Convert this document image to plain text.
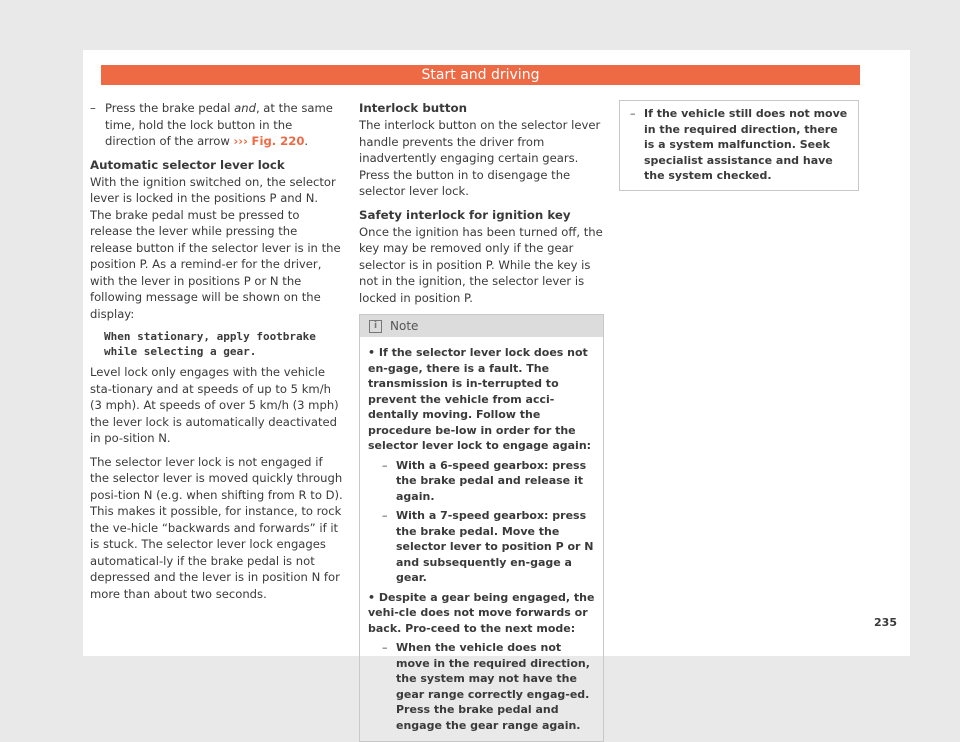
Start and driving

– Press the brake pedal and, at the same time, hold the lock button in the direction of the arrow ››› Fig. 220.

Automatic selector lever lock

With the ignition switched on, the selector lever is locked in the positions P and N. The brake pedal must be pressed to release the lever while pressing the release button if the selector lever is in the position P. As a remind-er for the driver, with the lever in positions P or N the following message will be shown on the display:

When stationary, apply footbrake
while selecting a gear.

Level lock only engages with the vehicle sta-tionary and at speeds of up to 5 km/h (3 mph). At speeds of over 5 km/h (3 mph) the lever lock is automatically deactivated in po-sition N.

The selector lever lock is not engaged if the selector lever is moved quickly through posi-tion N (e.g. when shifting from R to D). This makes it possible, for instance, to rock the ve-hicle “backwards and forwards” if it is stuck. The selector lever lock engages automatical-ly if the brake pedal is not depressed and the lever is in position N for more than about two seconds.

Interlock button

The interlock button on the selector lever handle prevents the driver from inadvertently engaging certain gears. Press the button in to disengage the selector lever lock.

Safety interlock for ignition key

Once the ignition has been turned off, the key may be removed only if the gear selector is in position P. While the key is not in the ignition, the selector lever is locked in position P.

i	Note

• If the selector lever lock does not en-gage, there is a fault. The transmission is in-terrupted to prevent the vehicle from acci-dentally moving. Follow the procedure be-low in order for the selector lever lock to engage again:

– With a 6-speed gearbox: press the brake pedal and release it again.

– With a 7-speed gearbox: press the brake pedal. Move the selector lever to position P or N and subsequently en-gage a gear.

• Despite a gear being engaged, the vehi-cle does not move forwards or back. Pro-ceed to the next mode:

– When the vehicle does not move in the required direction, the system may not have the gear range correctly engag-ed. Press the brake pedal and engage the gear range again.

– If the vehicle still does not move in the required direction, there is a system malfunction. Seek specialist assistance and have the system checked.
235
